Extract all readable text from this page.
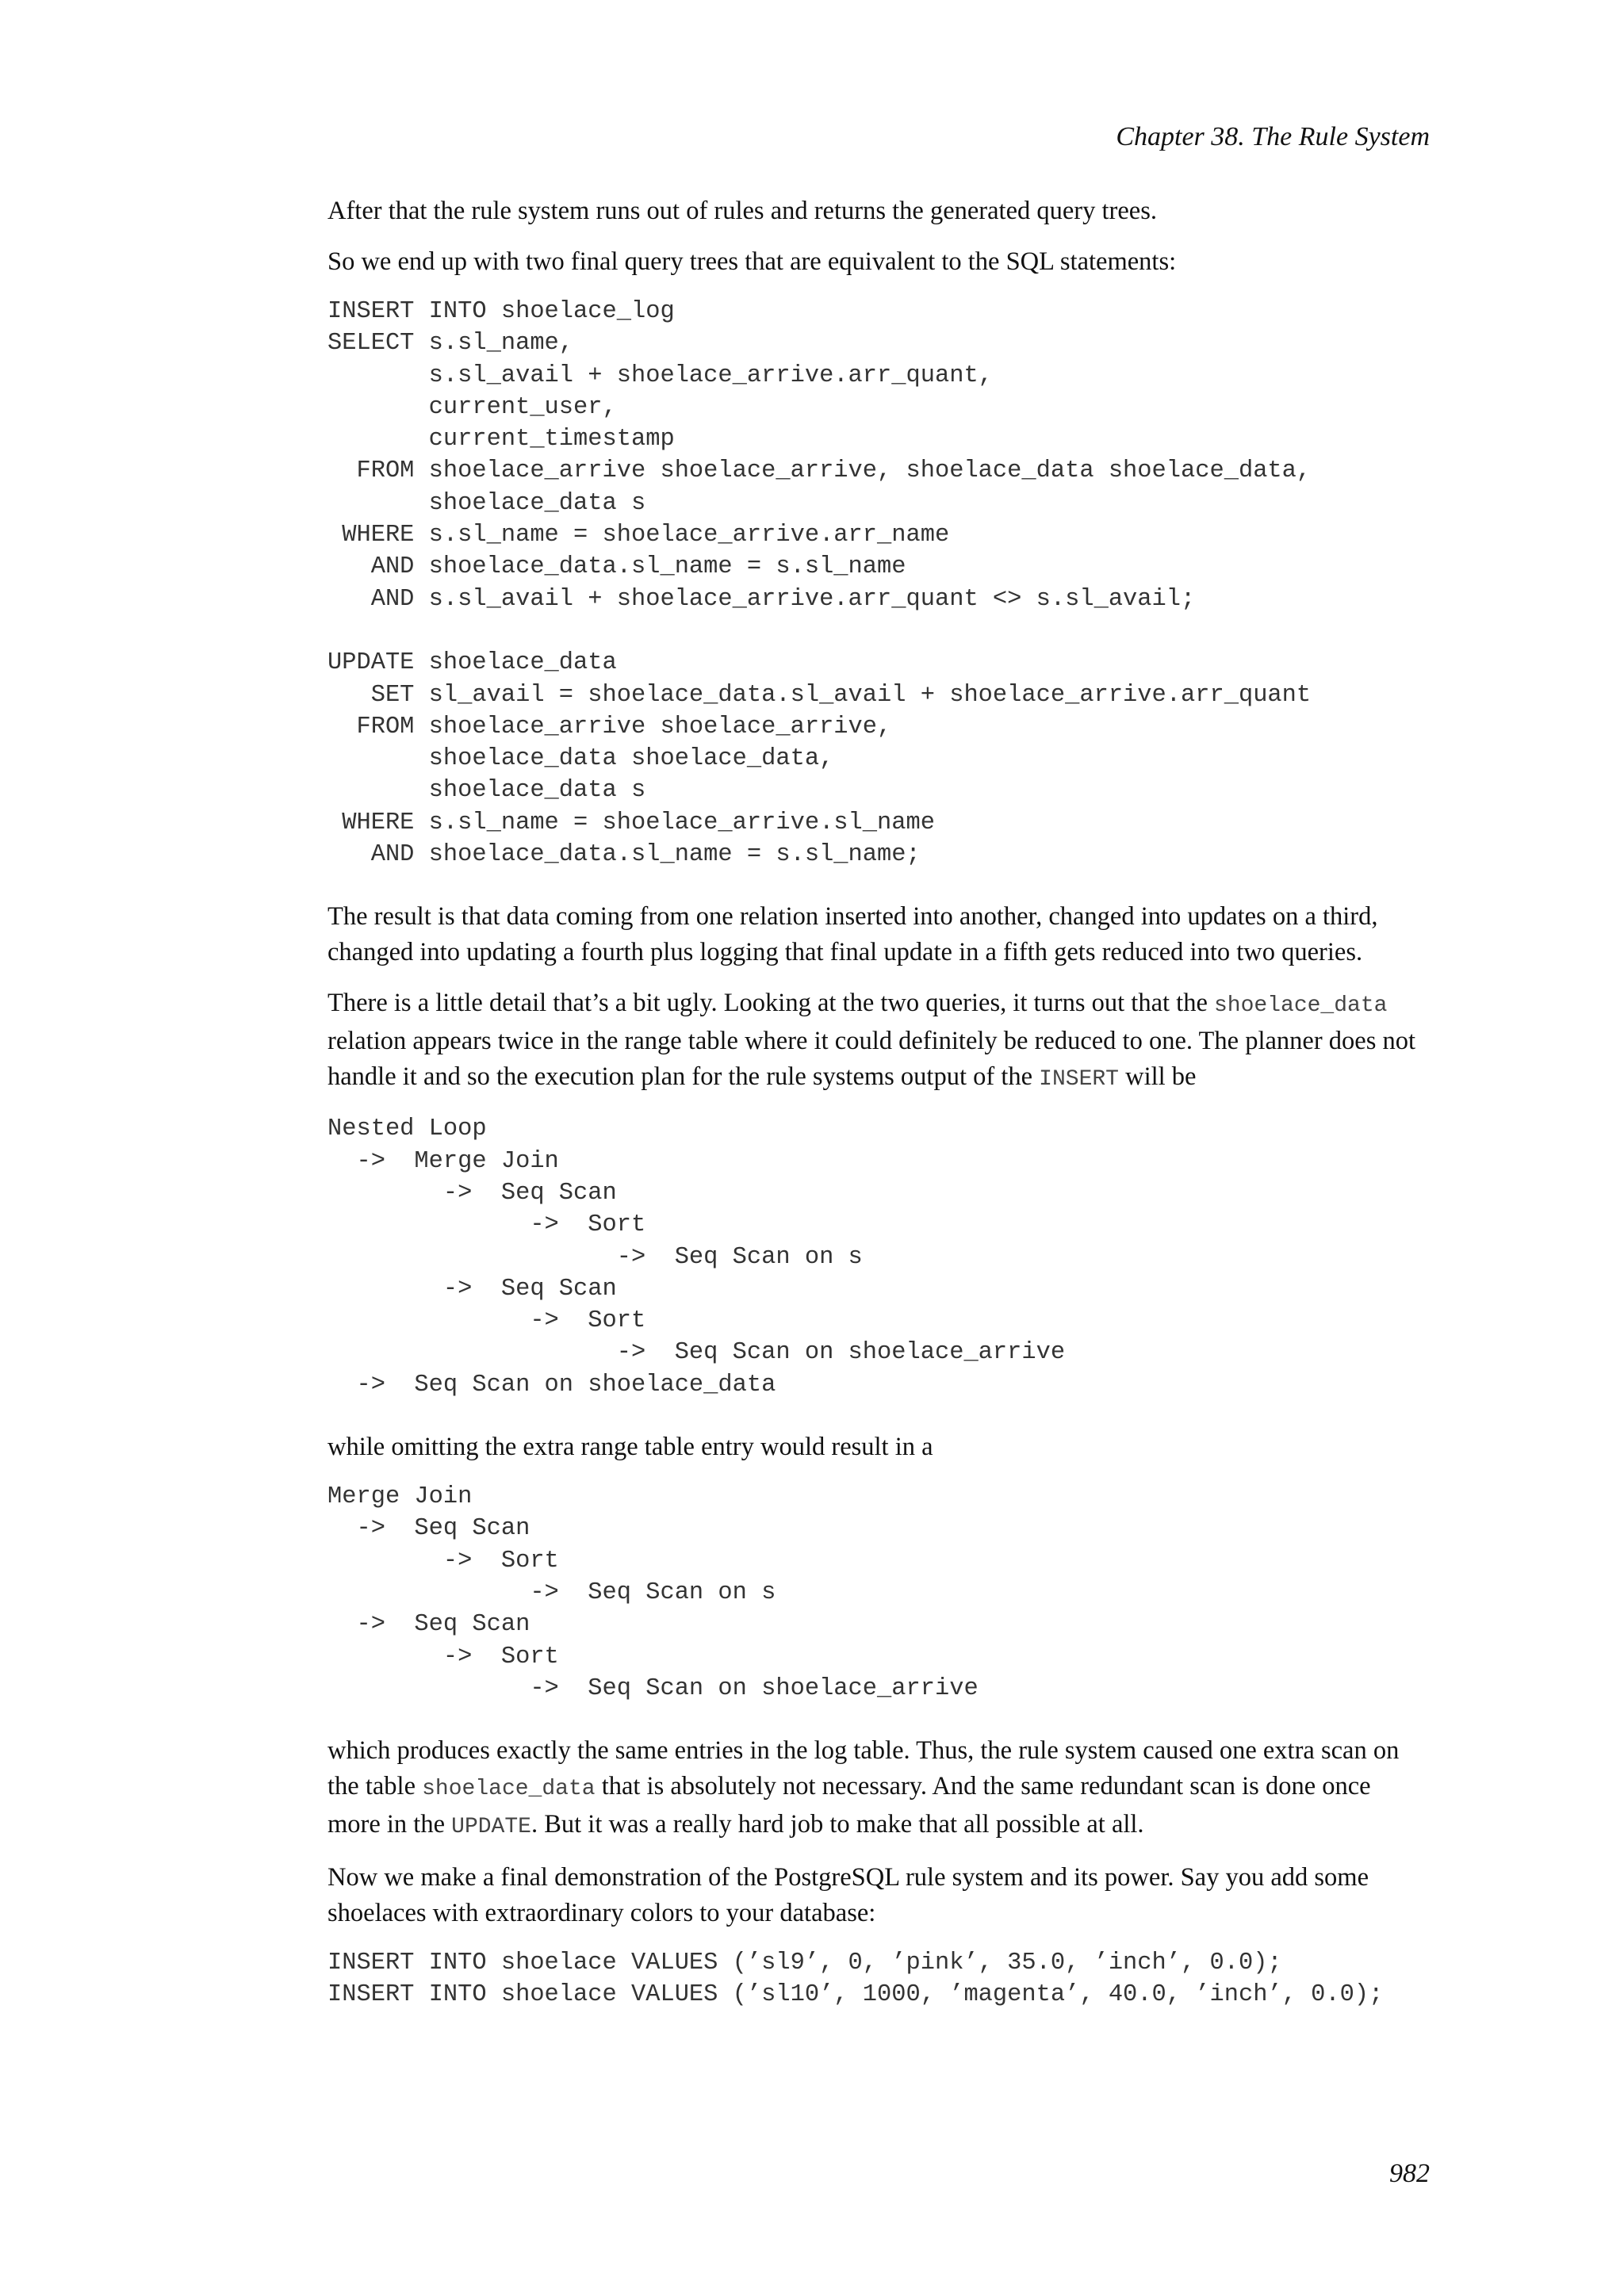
Chapter 38. The Rule System

After that the rule system runs out of rules and returns the generated query trees.

So we end up with two final query trees that are equivalent to the SQL statements:

INSERT INTO shoelace_log
SELECT s.sl_name,
s.sl_avail + shoelace_arrive.arr_quant,
current_user,
current_timestamp
FROM shoelace_arrive shoelace_arrive, shoelace_data shoelace_data,
shoelace_data s
WHERE s.sl_name = shoelace_arrive.arr_name
AND shoelace_data.sl_name = s.sl_name
AND s.sl_avail + shoelace_arrive.arr_quant <> s.sl_avail;

UPDATE shoelace_data
SET sl_avail = shoelace_data.sl_avail + shoelace_arrive.arr_quant
FROM shoelace_arrive shoelace_arrive,
shoelace_data shoelace_data,
shoelace_data s
WHERE s.sl_name = shoelace_arrive.sl_name
AND shoelace_data.sl_name = s.sl_name;

The result is that data coming from one relation inserted into another, changed into updates on a third, changed into updating a fourth plus logging that final update in a fifth gets reduced into two queries.

There is a little detail that’s a bit ugly. Looking at the two queries, it turns out that the shoelace_data relation appears twice in the range table where it could definitely be reduced to one. The planner does not handle it and so the execution plan for the rule systems output of the INSERT will be

Nested Loop
->  Merge Join
->  Seq Scan
->  Sort
->  Seq Scan on s
->  Seq Scan
->  Sort
->  Seq Scan on shoelace_arrive
->  Seq Scan on shoelace_data

while omitting the extra range table entry would result in a

Merge Join
->  Seq Scan
->  Sort
->  Seq Scan on s
->  Seq Scan
->  Sort
->  Seq Scan on shoelace_arrive

which produces exactly the same entries in the log table. Thus, the rule system caused one extra scan on the table shoelace_data that is absolutely not necessary. And the same redundant scan is done once more in the UPDATE. But it was a really hard job to make that all possible at all.

Now we make a final demonstration of the PostgreSQL rule system and its power. Say you add some shoelaces with extraordinary colors to your database:

INSERT INTO shoelace VALUES (’sl9’, 0, ’pink’, 35.0, ’inch’, 0.0);
INSERT INTO shoelace VALUES (’sl10’, 1000, ’magenta’, 40.0, ’inch’, 0.0);
982
